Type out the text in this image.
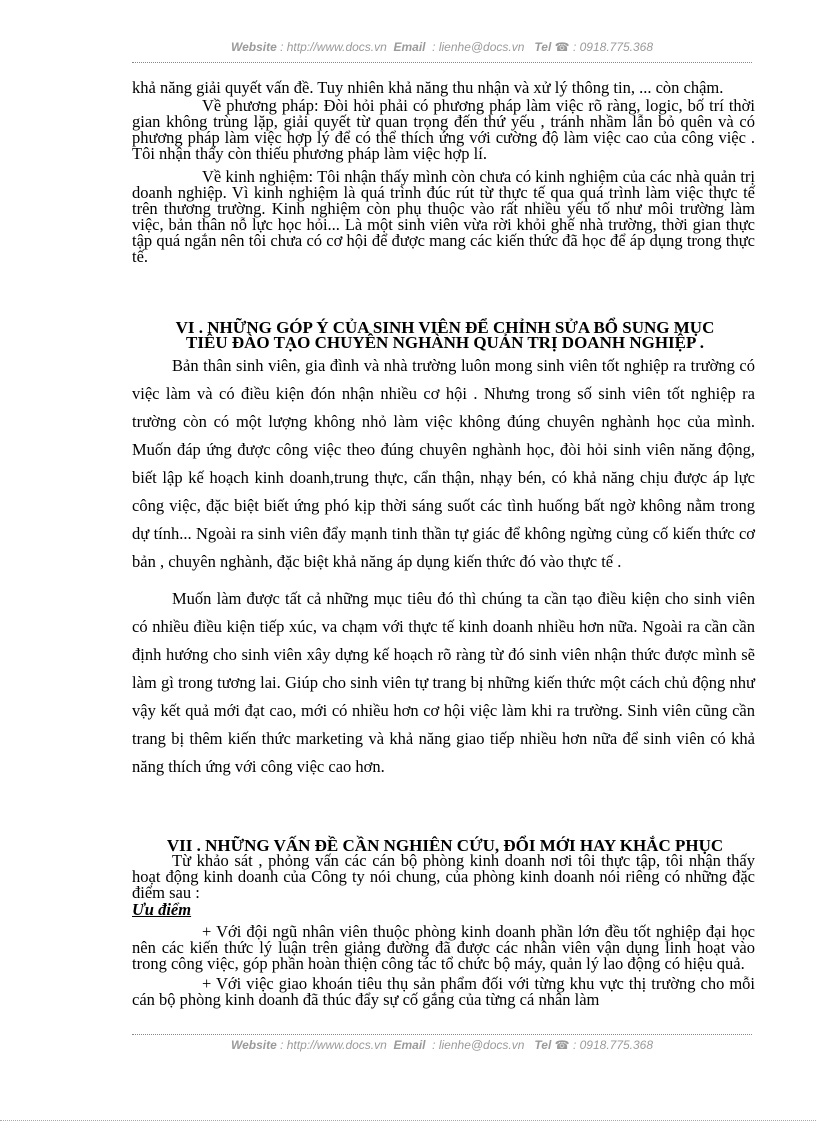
Website : http://www.docs.vn Email : lienhe@docs.vn Tel ☎ : 0918.775.368

khả năng giải quyết vấn đề. Tuy nhiên khả năng thu nhận và xử lý thông tin, ... còn chậm.

Về phương pháp: Đòi hỏi phải có phương pháp làm việc rõ ràng, logic, bố trí thời gian không trùng lặp, giải quyết từ quan trọng đến thứ yếu , tránh nhầm lẫn bỏ quên và có phương pháp làm việc hợp lý để có thể thích ứng với cường độ làm việc cao của công việc . Tôi nhận thấy còn thiếu phương pháp làm việc hợp lí.

Về kinh nghiệm: Tôi nhận thấy mình còn chưa có kinh nghiệm của các nhà quản trị doanh nghiệp. Vì kinh nghiệm là quá trình đúc rút từ thực tế qua quá trình làm việc thực tế trên thương trường. Kinh nghiệm còn phụ thuộc vào rất nhiều yếu tố như môi trường làm việc, bản thân nỗ lực học hỏi... Là một sinh viên vừa rời khỏi ghế nhà trường, thời gian thực tập quá ngắn nên tôi chưa có cơ hội để được mang các kiến thức đã học để áp dụng trong thực tế.

VI . NHỮNG GÓP Ý CỦA SINH VIÊN ĐỂ CHỈNH SỬA BỔ SUNG MỤC
TIÊU ĐÀO TẠO CHUYÊN NGHÀNH QUẢN TRỊ DOANH NGHIỆP .

Bản thân sinh viên, gia đình và nhà trường luôn mong sinh viên tốt nghiệp ra trường có việc làm và có điều kiện đón nhận nhiều cơ hội . Nhưng trong số sinh viên tốt nghiệp ra trường còn có một lượng không nhỏ làm việc không đúng chuyên nghành học của mình. Muốn đáp ứng được công việc theo đúng chuyên nghành học, đòi hỏi sinh viên năng động, biết lập kế hoạch kinh doanh,trung thực, cẩn thận, nhạy bén, có khả năng chịu được áp lực công việc, đặc biệt biết ứng phó kịp thời sáng suốt các tình huống bất ngờ không nằm trong dự tính... Ngoài ra sinh viên đẩy mạnh tinh thần tự giác để không ngừng củng cố kiến thức cơ bản , chuyên nghành, đặc biệt khả năng áp dụng kiến thức đó vào thực tế .

Muốn làm được tất cả những mục tiêu đó thì chúng ta cần tạo điều kiện cho sinh viên có nhiều điều kiện tiếp xúc, va chạm với thực tế kinh doanh nhiều hơn nữa. Ngoài ra cần cần định hướng cho sinh viên xây dựng kế hoạch rõ ràng từ đó sinh viên nhận thức được mình sẽ làm gì trong tương lai. Giúp cho sinh viên tự trang bị những kiến thức một cách chủ động như vậy kết quả mới đạt cao, mới có nhiều hơn cơ hội việc làm khi ra trường. Sinh viên cũng cần trang bị thêm kiến thức marketing và khả năng giao tiếp nhiều hơn nữa để sinh viên có khả năng thích ứng với công việc cao hơn.

VII . NHỮNG VẤN ĐỀ CẦN NGHIÊN CỨU, ĐỔI MỚI HAY KHẮC PHỤC

Từ khảo sát , phỏng vấn các cán bộ phòng kinh doanh nơi tôi thực tập, tôi nhận thấy hoạt động kinh doanh của Công ty nói chung, của phòng kinh doanh nói riêng có những đặc điểm sau :

Ưu điểm

+ Với đội ngũ nhân viên thuộc phòng kinh doanh phần lớn đều tốt nghiệp đại học nên các kiến thức lý luận trên giảng đường đã được các nhân viên vận dụng linh hoạt vào trong công việc, góp phần hoàn thiện công tác tổ chức bộ máy, quản lý lao động có hiệu quả.

+ Với việc giao khoán tiêu thụ sản phẩm đối với từng khu vực thị trường cho mỗi cán bộ phòng kinh doanh đã thúc đẩy sự cố gắng của từng cá nhân làm

Website : http://www.docs.vn Email : lienhe@docs.vn Tel ☎ : 0918.775.368
